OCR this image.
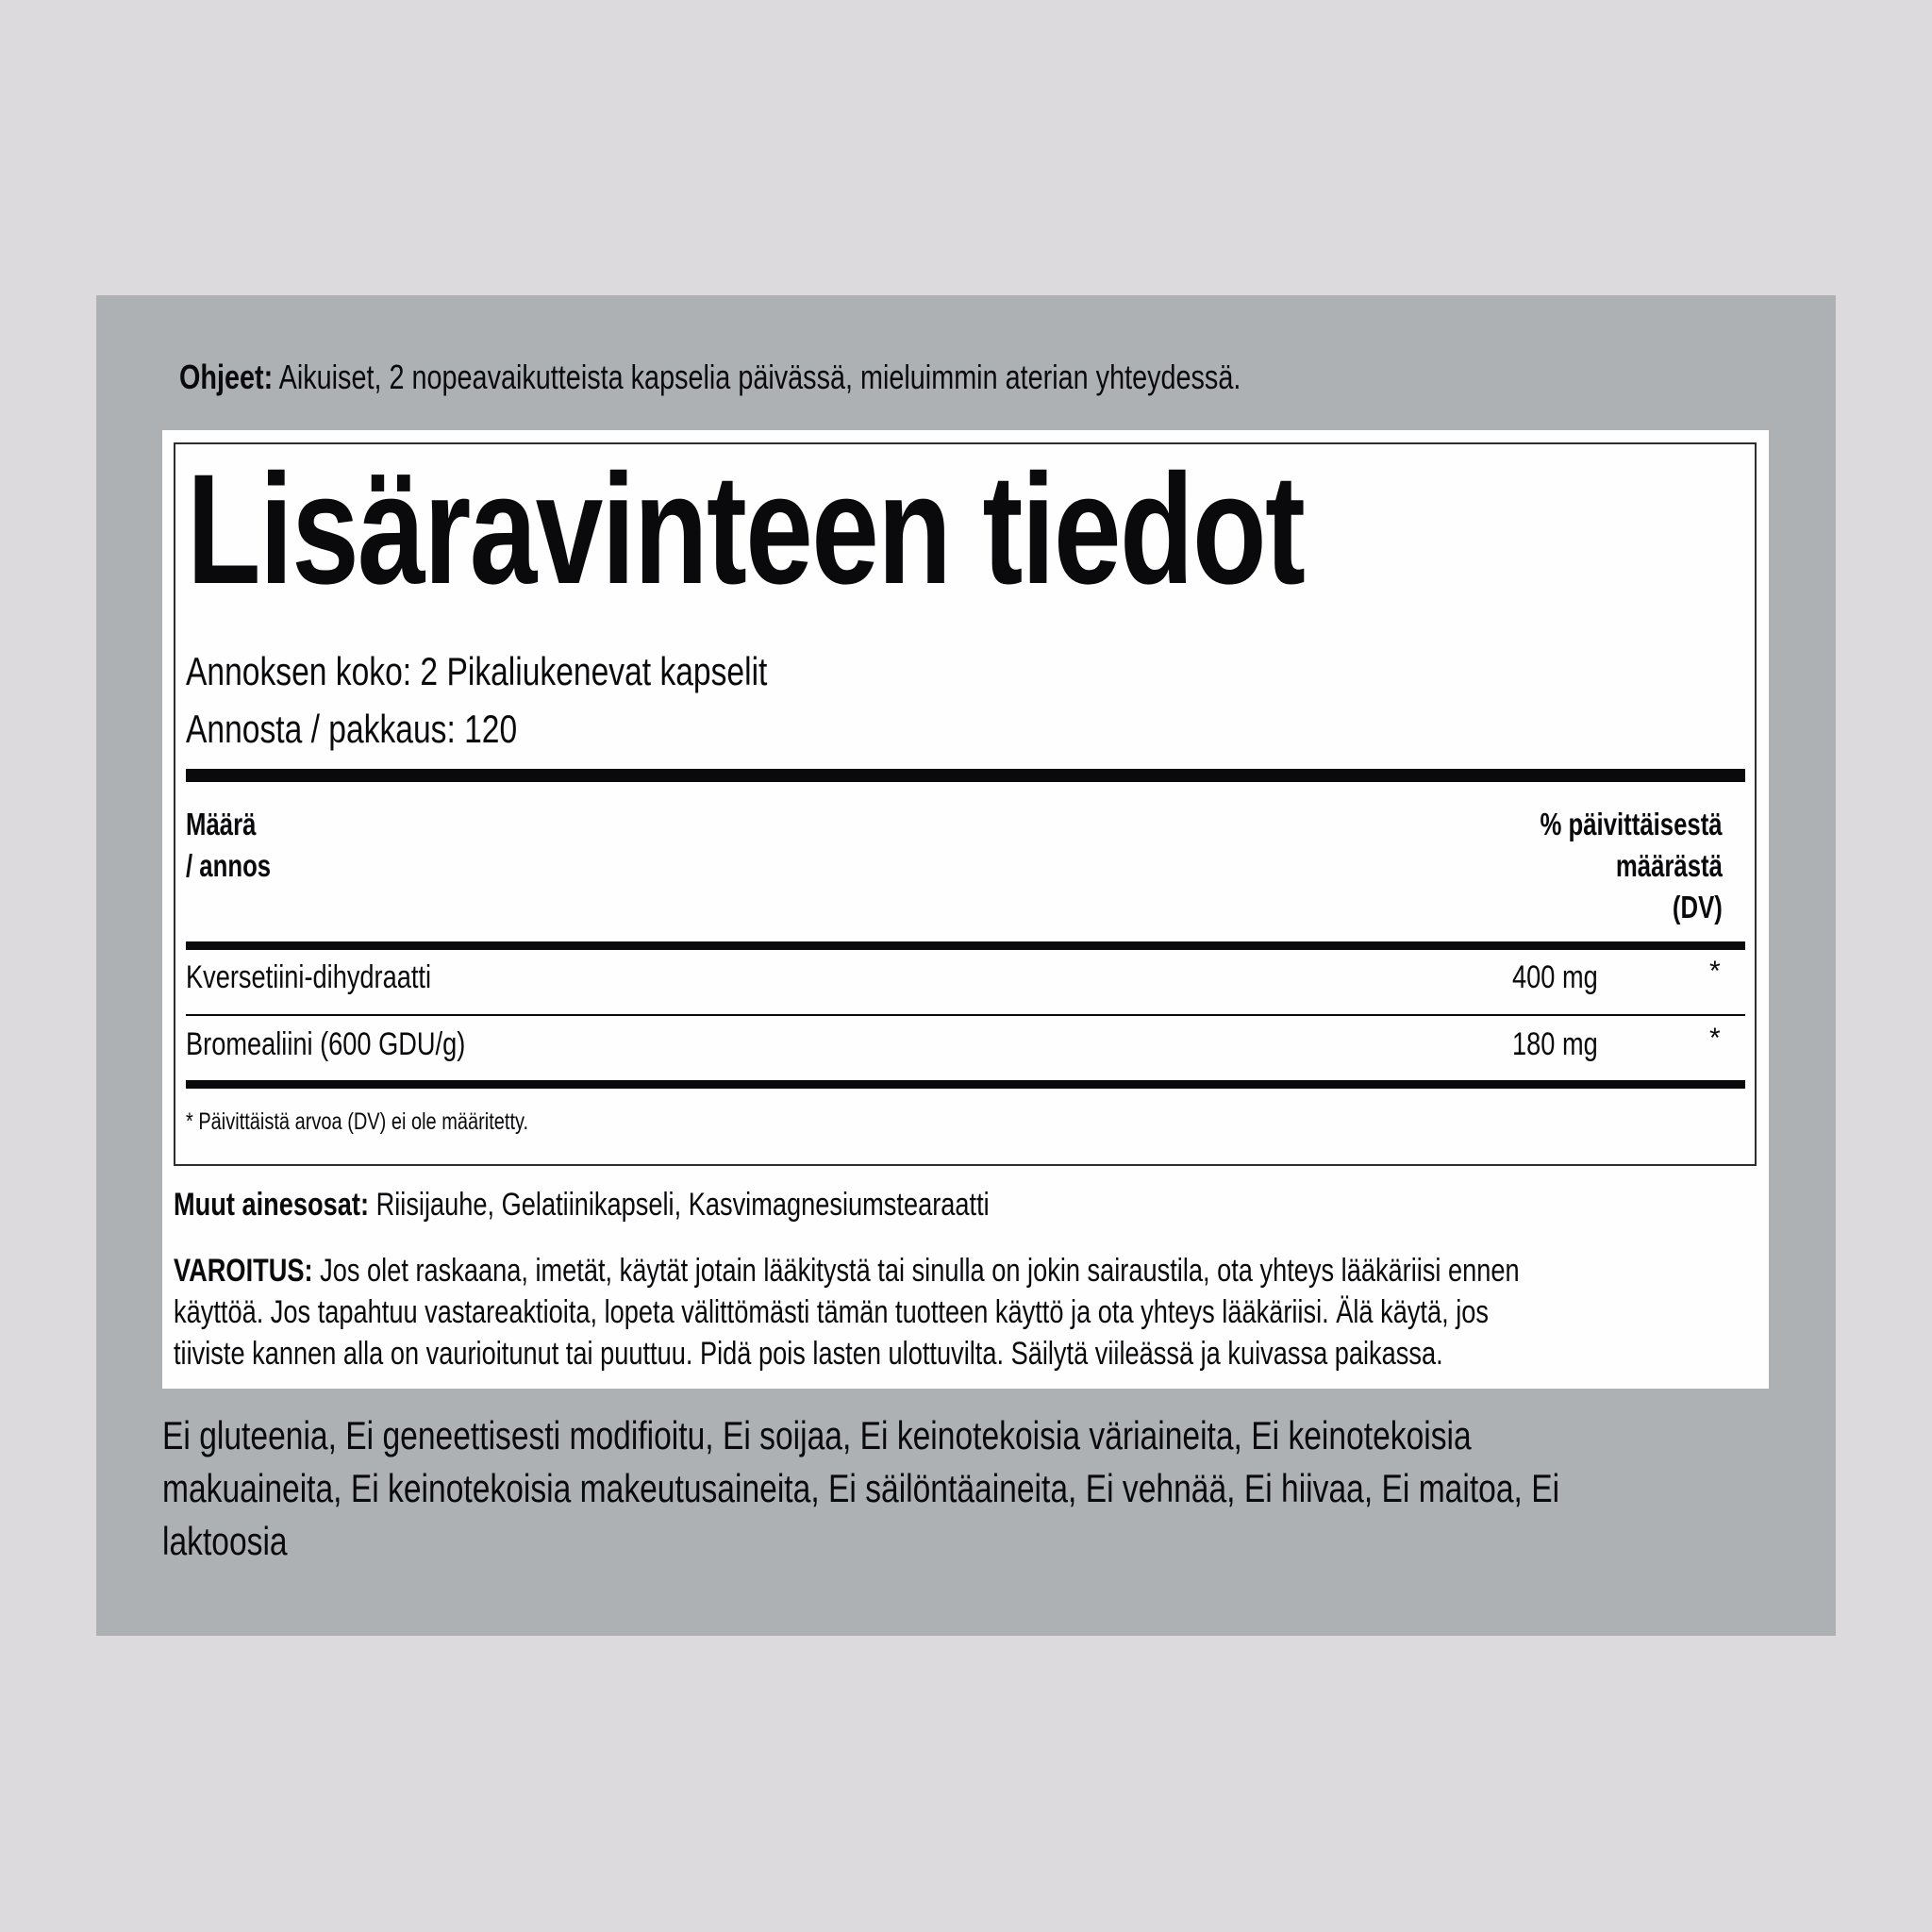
Ohjeet: Aikuiset, 2 nopeavaikutteista kapselia päivässä, mieluimmin aterian yhteydessä.
Lisäravinteen tiedot
Annoksen koko: 2 Pikaliukenevat kapselit
Annosta / pakkaus: 120
Määrä
/ annos
% päivittäisestä
määrästä
(DV)
Kversetiini-dihydraatti	400 mg	*
Bromealiini (600 GDU/g)	180 mg	*
* Päivittäistä arvoa (DV) ei ole määritetty.
Muut ainesosat: Riisijauhe, Gelatiinikapseli, Kasvimagnesiumstearaatti
VAROITUS: Jos olet raskaana, imetät, käytät jotain lääkitystä tai sinulla on jokin sairaustila, ota yhteys lääkäriisi ennen
käyttöä. Jos tapahtuu vastareaktioita, lopeta välittömästi tämän tuotteen käyttö ja ota yhteys lääkäriisi. Älä käytä, jos
tiiviste kannen alla on vaurioitunut tai puuttuu. Pidä pois lasten ulottuvilta. Säilytä viileässä ja kuivassa paikassa.
Ei gluteenia, Ei geneettisesti modifioitu, Ei soijaa, Ei keinotekoisia väriaineita, Ei keinotekoisia
makuaineita, Ei keinotekoisia makeutusaineita, Ei säilöntäaineita, Ei vehnää, Ei hiivaa, Ei maitoa, Ei
laktoosia
